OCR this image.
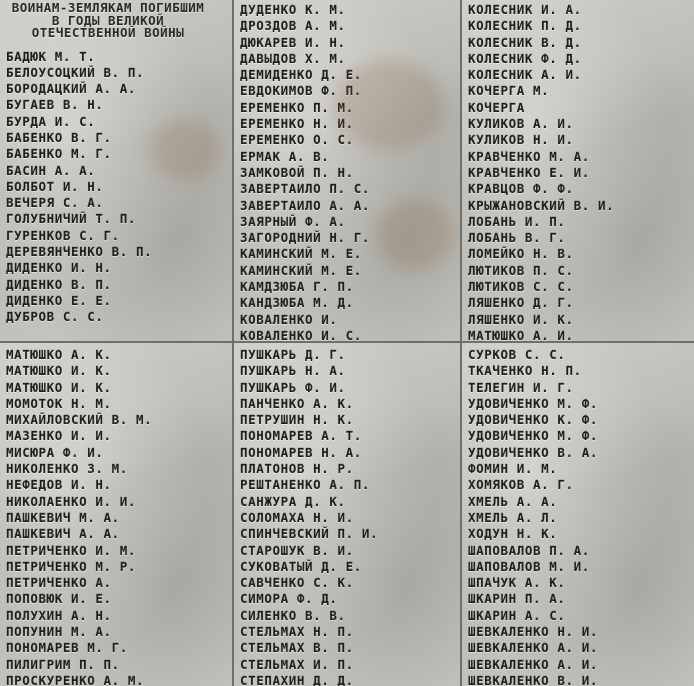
ВОИНАМ-ЗЕМЛЯКАМ ПОГИБШИМ В ГОДЫ ВЕЛИКОЙ ОТЕЧЕСТВЕННОЙ ВОЙНЫ
БАДЮК М. Т.
БЕЛОУСОЦКИЙ В. П.
БОРОДАЦКИЙ А. А.
БУГАЕВ В. Н.
БУРДА И. С.
БАБЕНКО В. Г.
БАБЕНКО М. Г.
БАСИН А. А.
БОЛБОТ И. Н.
ВЕЧЕРЯ С. А.
ГОЛУБНИЧИЙ Т. П.
ГУРЕНКОВ С. Г.
ДЕРЕВЯНЧЕНКО В. П.
ДИДЕНКО И. Н.
ДИДЕНКО В. П.
ДИДЕНКО Е. Е.
ДУБРОВ С. С.
ДУДЕНКО К. М.
ДРОЗДОВ А. М.
ДЮКАРЕВ И. Н.
ДАВЫДОВ Х. М.
ДЕМИДЕНКО Д. Е.
ЕВДОКИМОВ Ф. П.
ЕРЕМЕНКО П. М.
ЕРЕМЕНКО Н. И.
ЕРЕМЕНКО О. С.
ЕРМАК А. В.
ЗАМКОВОЙ П. Н.
ЗАВЕРТАИЛО П. С.
ЗАВЕРТАИЛО А. А.
ЗАЯРНЫЙ Ф. А.
ЗАГОРОДНИЙ Н. Г.
КАМИНСКИЙ М. Е.
КАМИНСКИЙ М. Е.
КАМДЗЮБА Г. П.
КАНДЗЮБА М. Д.
КОВАЛЕНКО И.
КОВАЛЕНКО И. С.
КОЛЕСНИК И. А.
КОЛЕСНИК П. Д.
КОЛЕСНИК В. Д.
КОЛЕСНИК Ф. Д.
КОЛЕСНИК А. И.
КОЧЕРГА М.
КОЧЕРГА
КУЛИКОВ А. И.
КУЛИКОВ Н. И.
КРАВЧЕНКО М. А.
КРАВЧЕНКО Е. И.
КРАВЦОВ Ф. Ф.
КРЫЖАНОВСКИЙ В. И.
ЛОБАНЬ И. П.
ЛОБАНЬ В. Г.
ЛОМЕЙКО Н. В.
ЛЮТИКОВ П. С.
ЛЮТИКОВ С. С.
ЛЯШЕНКО Д. Г.
ЛЯШЕНКО И. К.
МАТЮШКО А. И.
МАТЮШКО А. К.
МАТЮШКО И. К.
МАТЮШКО И. К.
МОМОТОК Н. М.
МИХАЙЛОВСКИЙ В. М.
МАЗЕНКО И. И.
МИСЮРА Ф. И.
НИКОЛЕНКО З. М.
НЕФЕДОВ И. Н.
НИКОЛАЕНКО И. И.
ПАШКЕВИЧ М. А.
ПАШКЕВИЧ А. А.
ПЕТРИЧЕНКО И. М.
ПЕТРИЧЕНКО М. Р.
ПЕТРИЧЕНКО А.
ПОПОВЮК И. Е.
ПОЛУХИН А. Н.
ПОПУНИН М. А.
ПОНОМАРЕВ М. Г.
ПИЛИГРИМ П. П.
ПРОСКУРЕНКО А. М.
ПУШКАРЬ Д. Г.
ПУШКАРЬ Н. А.
ПУШКАРЬ Ф. И.
ПАНЧЕНКО А. К.
ПЕТРУШИН Н. К.
ПОНОМАРЕВ А. Т.
ПОНОМАРЕВ Н. А.
ПЛАТОНОВ Н. Р.
РЕШТАНЕНКО А. П.
САНЖУРА Д. К.
СОЛОМАХА Н. И.
СПИНЧЕВСКИЙ П. И.
СТАРОШУК В. И.
СУКОВАТЫЙ Д. Е.
САВЧЕНКО С. К.
СИМОРА Ф. Д.
СИЛЕНКО В. В.
СТЕЛЬМАХ Н. П.
СТЕЛЬМАХ В. П.
СТЕЛЬМАХ И. П.
СТЕПАХИН Д. Д.
СУРКОВ С. С.
ТКАЧЕНКО Н. П.
ТЕЛЕГИН И. Г.
УДОВИЧЕНКО М. Ф.
УДОВИЧЕНКО К. Ф.
УДОВИЧЕНКО М. Ф.
УДОВИЧЕНКО В. А.
ФОМИН И. М.
ХОМЯКОВ А. Г.
ХМЕЛЬ А. А.
ХМЕЛЬ А. Л.
ХОДУН Н. К.
ШАПОВАЛОВ П. А.
ШАПОВАЛОВ М. И.
ШПАЧУК А. К.
ШКАРИН П. А.
ШКАРИН А. С.
ШЕВКАЛЕНКО Н. И.
ШЕВКАЛЕНКО А. И.
ШЕВКАЛЕНКО А. И.
ШЕВКАЛЕНКО В. И.
